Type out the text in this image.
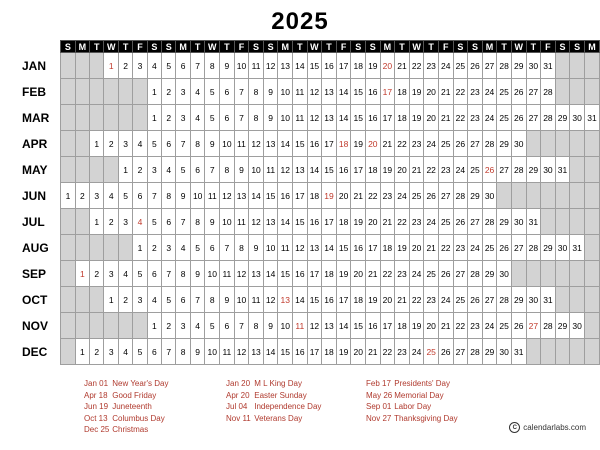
2025
	S	M	T	W	T	F	S	S	M	T	W	T	F	S	S	M	T	W	T	F	S	S	M	T	W	T	F	S	S	M	T	W	T	F	S	S	M
JAN				1	2	3	4	5	6	7	8	9	10	11	12	13	14	15	16	17	18	19	20	21	22	23	24	25	26	27	28	29	30	31			
FEB							1	2	3	4	5	6	7	8	9	10	11	12	13	14	15	16	17	18	19	20	21	22	23	24	25	26	27	28			
MAR							1	2	3	4	5	6	7	8	9	10	11	12	13	14	15	16	17	18	19	20	21	22	23	24	25	26	27	28	29	30	31
APR			1	2	3	4	5	6	7	8	9	10	11	12	13	14	15	16	17	18	19	20	21	22	23	24	25	26	27	28	29	30					
MAY					1	2	3	4	5	6	7	8	9	10	11	12	13	14	15	16	17	18	19	20	21	22	23	24	25	26	27	28	29	30	31		
JUN	1	2	3	4	5	6	7	8	9	10	11	12	13	14	15	16	17	18	19	20	21	22	23	24	25	26	27	28	29	30							
JUL			1	2	3	4	5	6	7	8	9	10	11	12	13	14	15	16	17	18	19	20	21	22	23	24	25	26	27	28	29	30	31				
AUG						1	2	3	4	5	6	7	8	9	10	11	12	13	14	15	16	17	18	19	20	21	22	23	24	25	26	27	28	29	30	31	
SEP		1	2	3	4	5	6	7	8	9	10	11	12	13	14	15	16	17	18	19	20	21	22	23	24	25	26	27	28	29	30						
OCT				1	2	3	4	5	6	7	8	9	10	11	12	13	14	15	16	17	18	19	20	21	22	23	24	25	26	27	28	29	30	31			
NOV							1	2	3	4	5	6	7	8	9	10	11	12	13	14	15	16	17	18	19	20	21	22	23	24	25	26	27	28	29	30	
DEC		1	2	3	4	5	6	7	8	9	10	11	12	13	14	15	16	17	18	19	20	21	22	23	24	25	26	27	28	29	30	31					
Jan 01 New Year's Day
Apr 18 Good Friday
Jun 19 Juneteenth
Oct 13 Columbus Day
Dec 25 Christmas
Jan 20 M L King Day
Apr 20 Easter Sunday
Jul 04 Independence Day
Nov 11 Veterans Day
Feb 17 Presidents' Day
May 26 Memorial Day
Sep 01 Labor Day
Nov 27 Thanksgiving Day
C calendarlabs.com
